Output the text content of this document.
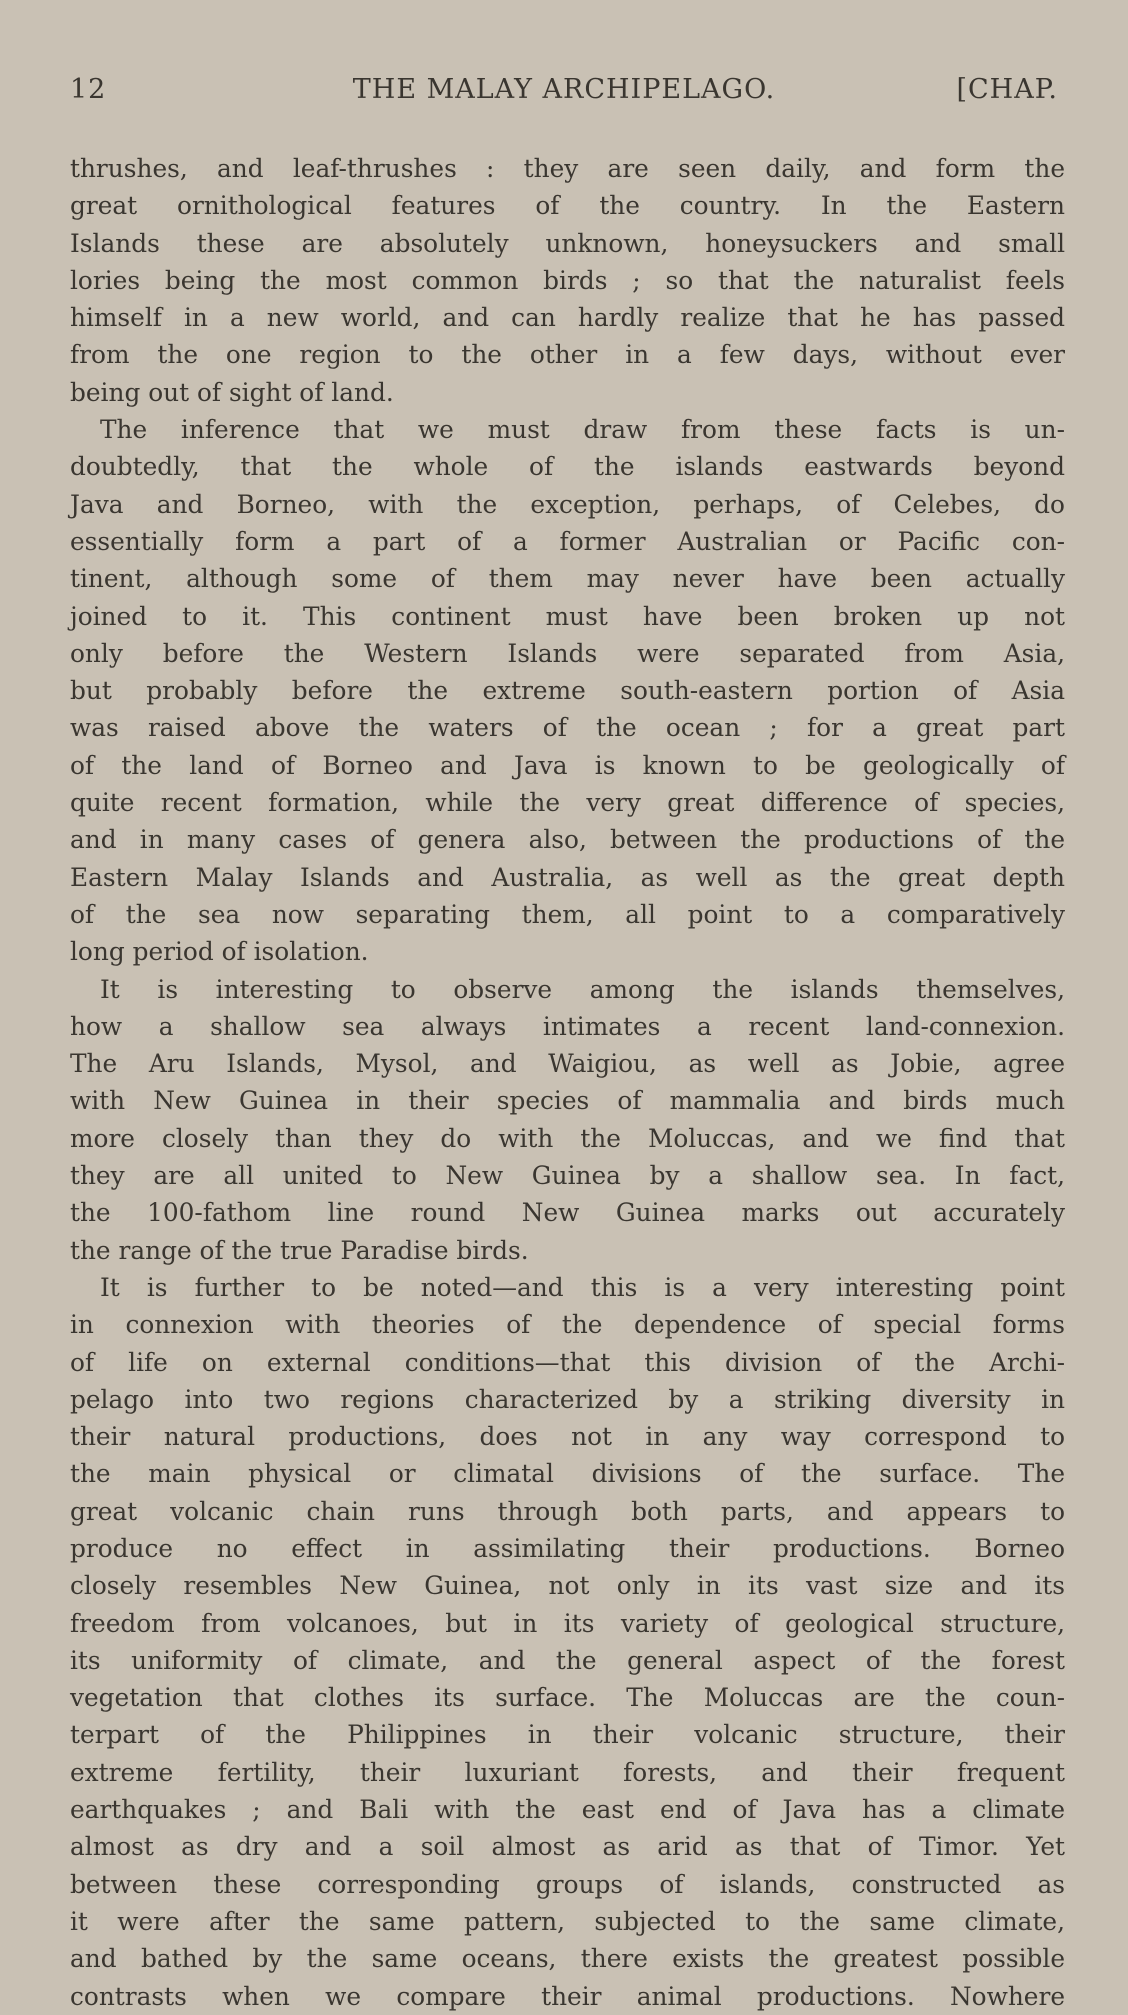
12	THE MALAY ARCHIPELAGO.	[CHAP.
thrushes, and leaf-thrushes : they are seen daily, and form the
great ornithological features of the country. In the Eastern
Islands these are absolutely unknown, honeysuckers and small
lories being the most common birds ; so that the naturalist feels
himself in a new world, and can hardly realize that he has passed
from the one region to the other in a few days, without ever
being out of sight of land.
The inference that we must draw from these facts is un-
doubtedly, that the whole of the islands eastwards beyond
Java and Borneo, with the exception, perhaps, of Celebes, do
essentially form a part of a former Australian or Pacific con-
tinent, although some of them may never have been actually
joined to it. This continent must have been broken up not
only before the Western Islands were separated from Asia,
but probably before the extreme south-eastern portion of Asia
was raised above the waters of the ocean ; for a great part
of the land of Borneo and Java is known to be geologically of
quite recent formation, while the very great difference of species,
and in many cases of genera also, between the productions of the
Eastern Malay Islands and Australia, as well as the great depth
of the sea now separating them, all point to a comparatively
long period of isolation.
It is interesting to observe among the islands themselves,
how a shallow sea always intimates a recent land-connexion.
The Aru Islands, Mysol, and Waigiou, as well as Jobie, agree
with New Guinea in their species of mammalia and birds much
more closely than they do with the Moluccas, and we find that
they are all united to New Guinea by a shallow sea. In fact,
the 100-fathom line round New Guinea marks out accurately
the range of the true Paradise birds.
It is further to be noted—and this is a very interesting point
in connexion with theories of the dependence of special forms
of life on external conditions—that this division of the Archi-
pelago into two regions characterized by a striking diversity in
their natural productions, does not in any way correspond to
the main physical or climatal divisions of the surface. The
great volcanic chain runs through both parts, and appears to
produce no effect in assimilating their productions. Borneo
closely resembles New Guinea, not only in its vast size and its
freedom from volcanoes, but in its variety of geological structure,
its uniformity of climate, and the general aspect of the forest
vegetation that clothes its surface. The Moluccas are the coun-
terpart of the Philippines in their volcanic structure, their
extreme fertility, their luxuriant forests, and their frequent
earthquakes ; and Bali with the east end of Java has a climate
almost as dry and a soil almost as arid as that of Timor. Yet
between these corresponding groups of islands, constructed as
it were after the same pattern, subjected to the same climate,
and bathed by the same oceans, there exists the greatest possible
contrasts when we compare their animal productions. Nowhere
